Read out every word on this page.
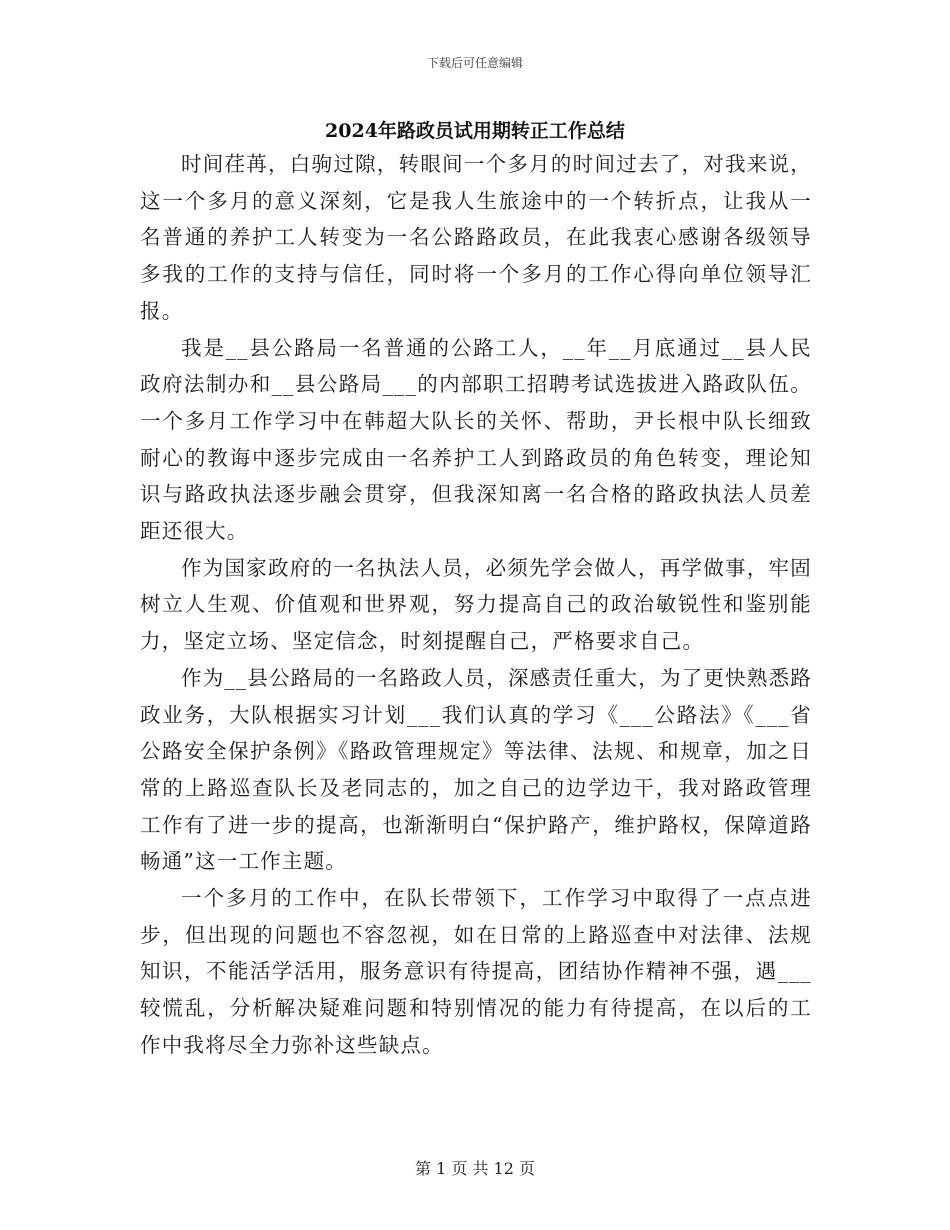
下载后可任意编辑
2024年路政员试用期转正工作总结

时间荏苒，白驹过隙，转眼间一个多月的时间过去了，对我来说，这一个多月的意义深刻，它是我人生旅途中的一个转折点，让我从一名普通的养护工人转变为一名公路路政员，在此我衷心感谢各级领导多我的工作的支持与信任，同时将一个多月的工作心得向单位领导汇报。

我是__县公路局一名普通的公路工人，__年__月底通过__县人民政府法制办和__县公路局___的内部职工招聘考试选拔进入路政队伍。一个多月工作学习中在韩超大队长的关怀、帮助，尹长根中队长细致耐心的教诲中逐步完成由一名养护工人到路政员的角色转变，理论知识与路政执法逐步融会贯穿，但我深知离一名合格的路政执法人员差距还很大。

作为国家政府的一名执法人员，必须先学会做人，再学做事，牢固树立人生观、价值观和世界观，努力提高自己的政治敏锐性和鉴别能力，坚定立场、坚定信念，时刻提醒自己，严格要求自己。

作为__县公路局的一名路政人员，深感责任重大，为了更快熟悉路政业务，大队根据实习计划___我们认真的学习《___公路法》《___省公路安全保护条例》《路政管理规定》等法律、法规、和规章，加之日常的上路巡查队长及老同志的，加之自己的边学边干，我对路政管理工作有了进一步的提高，也渐渐明白“保护路产，维护路权，保障道路畅通”这一工作主题。

一个多月的工作中，在队长带领下，工作学习中取得了一点点进步，但出现的问题也不容忽视，如在日常的上路巡查中对法律、法规知识，不能活学活用，服务意识有待提高，团结协作精神不强，遇___较慌乱，分析解决疑难问题和特别情况的能力有待提高，在以后的工作中我将尽全力弥补这些缺点。

第 1 页 共 12 页
